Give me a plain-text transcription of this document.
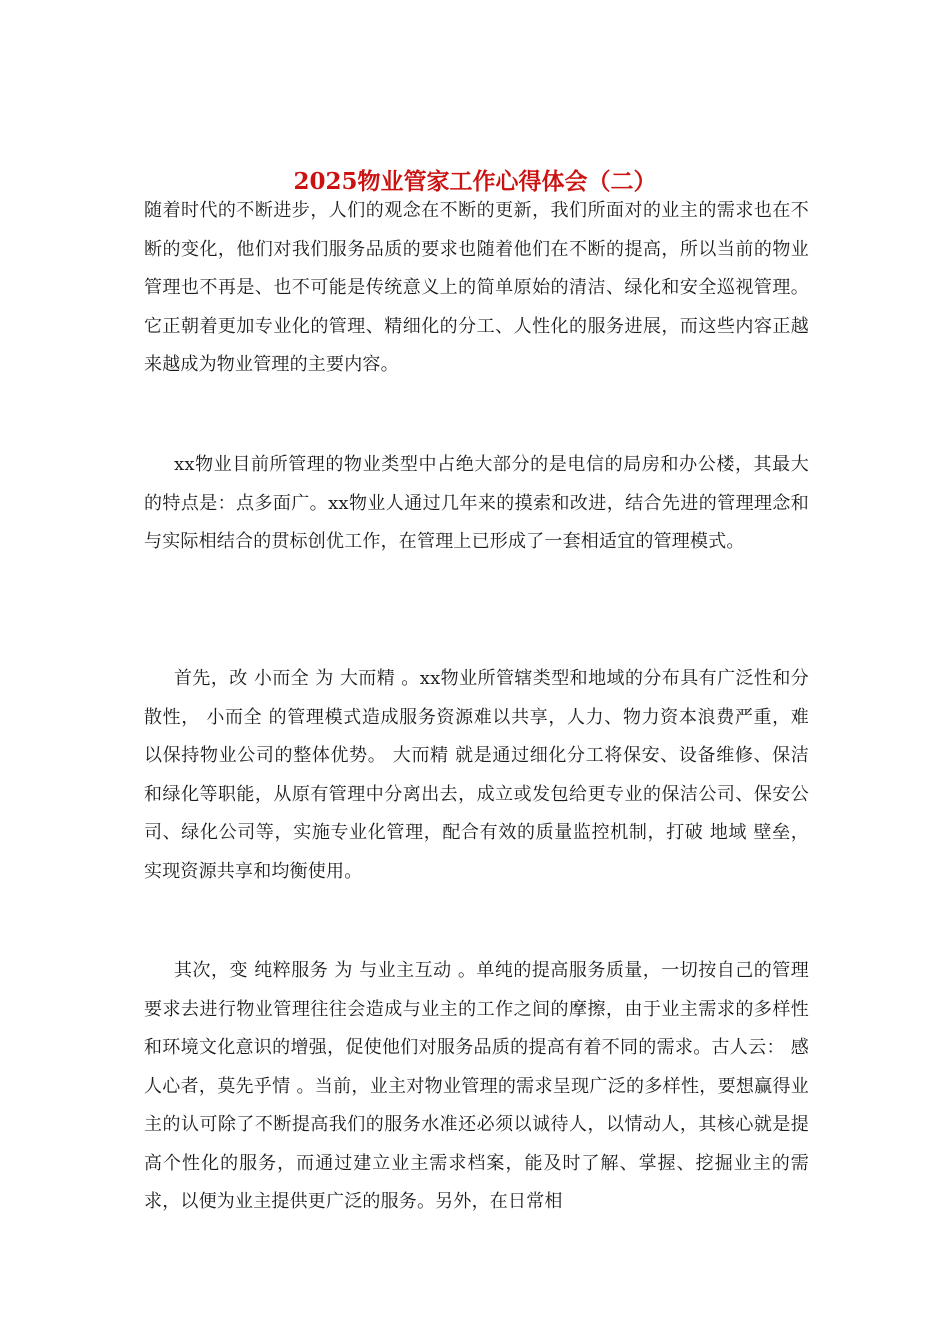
2025物业管家工作心得体会（二）

随着时代的不断进步，人们的观念在不断的更新，我们所面对的业主的需求也在不断的变化，他们对我们服务品质的要求也随着他们在不断的提高，所以当前的物业管理也不再是、也不可能是传统意义上的简单原始的清洁、绿化和安全巡视管理。它正朝着更加专业化的管理、精细化的分工、人性化的服务进展，而这些内容正越来越成为物业管理的主要内容。

xx物业目前所管理的物业类型中占绝大部分的是电信的局房和办公楼，其最大的特点是：点多面广。xx物业人通过几年来的摸索和改进，结合先进的管理理念和与实际相结合的贯标创优工作，在管理上已形成了一套相适宜的管理模式。

首先，改 小而全 为 大而精 。xx物业所管辖类型和地域的分布具有广泛性和分散性， 小而全 的管理模式造成服务资源难以共享，人力、物力资本浪费严重，难以保持物业公司的整体优势。 大而精 就是通过细化分工将保安、设备维修、保洁和绿化等职能，从原有管理中分离出去，成立或发包给更专业的保洁公司、保安公司、绿化公司等，实施专业化管理，配合有效的质量监控机制，打破 地域 壁垒，实现资源共享和均衡使用。

其次，变 纯粹服务 为 与业主互动 。单纯的提高服务质量，一切按自己的管理要求去进行物业管理往往会造成与业主的工作之间的摩擦，由于业主需求的多样性和环境文化意识的增强，促使他们对服务品质的提高有着不同的需求。古人云： 感人心者，莫先乎情 。当前，业主对物业管理的需求呈现广泛的多样性，要想赢得业主的认可除了不断提高我们的服务水准还必须以诚待人，以情动人，其核心就是提高个性化的服务，而通过建立业主需求档案，能及时了解、掌握、挖掘业主的需求，以便为业主提供更广泛的服务。另外，在日常相
